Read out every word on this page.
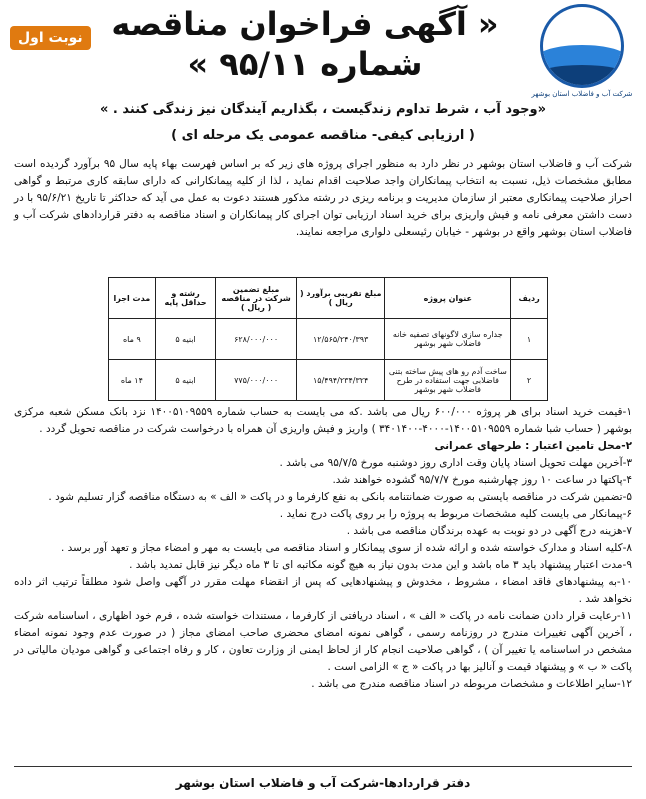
شرکت آب و فاضلاب استان بوشهر
« آگهی فراخوان مناقصه
شماره ۹۵/۱۱ »
نوبت اول
«وجود آب ، شرط تداوم زندگیست ، بگذاریم آیندگان نیز زندگی کنند . »
( ارزیابی کیفی- مناقصه عمومی یک مرحله ای )
شرکت آب و فاضلاب استان بوشهر در نظر دارد به منظور اجرای پروژه های زیر که بر اساس فهرست بهاء پایه سال ۹۵ برآورد گردیده است مطابق مشخصات ذیل، نسبت به انتخاب پیمانکاران واجد صلاحیت اقدام نماید ، لذا از کلیه پیمانکارانی که دارای سابقه کاری مرتبط و گواهی احراز صلاحیت پیمانکاری معتبر از سازمان مدیریت و برنامه ریزی در رشته مذکور هستند دعوت به عمل می آید که حداکثر تا تاریخ ۹۵/۶/۲۱ با در دست داشتن معرفی نامه و فیش واریزی برای خرید اسناد ارزیابی توان اجرای کار پیمانکاران و اسناد مناقصه به دفتر قراردادهای شرکت آب و فاضلاب استان بوشهر واقع در بوشهر - خیابان رئیسعلی دلواری مراجعه نمایند.
ردیف	عنوان پروژه	مبلغ تقریبی برآورد ( ریال )	مبلغ تضمین شرکت در مناقصه ( ریال )	رشته و حداقل پایه	مدت اجرا
۱	جداره سازی لاگونهای تصفیه خانه فاضلاب شهر بوشهر	۱۲/۵۶۵/۲۴۰/۳۹۳	۶۲۸/۰۰۰/۰۰۰	ابنیه ۵	۹ ماه
۲	ساخت آدم رو های پیش ساخته بتنی فاضلابی جهت استفاده در طرح فاضلاب شهر بوشهر	۱۵/۴۹۴/۲۳۴/۳۲۴	۷۷۵/۰۰۰/۰۰۰	ابنیه ۵	۱۴ ماه
۱-قیمت خرید اسناد برای هر پروژه ۶۰۰/۰۰۰ ریال می باشد .که می بایست به حساب شماره ۱۴۰۰۵۱۰۹۵۵۹ نزد بانک مسکن شعبه مرکزی بوشهر ( حساب شبا شماره ۱۴۰۰۵۱۰۹۵۵۹-۴۰۰۰-۳۴۰۱۴۰۰ ) واریز و فیش واریزی آن همراه با درخواست شرکت در مناقصه تحویل گردد .
۲-محل تامین اعتبار : طرحهای عمرانی
۳-آخرین مهلت تحویل اسناد پایان وقت اداری روز دوشنبه مورخ ۹۵/۷/۵ می باشد .
۴-پاکتها در ساعت ۱۰ روز چهارشنبه مورخ ۹۵/۷/۷ گشوده خواهند شد.
۵-تضمین شرکت در مناقصه بایستی به صورت ضمانتنامه بانکی به نفع کارفرما و در پاکت « الف » به دستگاه مناقصه گزار تسلیم شود .
۶-پیمانکار می بایست کلیه مشخصات مربوط به پروژه را بر روی پاکت درج نماید .
۷-هزینه درج آگهی در دو نوبت به عهده برندگان مناقصه می باشد .
۸-کلیه اسناد و مدارک خواسته شده و ارائه شده از سوی پیمانکار و اسناد مناقصه می بایست به مهر و امضاء مجاز و تعهد آور برسد .
۹-مدت اعتبار پیشنهاد باید ۳ ماه باشد و این مدت بدون نیاز به هیچ گونه مکاتبه ای تا ۳ ماه دیگر نیز قابل تمدید باشد .
۱۰-به پیشنهادهای فاقد امضاء ، مشروط ، مخدوش و پیشنهادهایی که پس از انقضاء مهلت مقرر در آگهی واصل شود مطلقاً ترتیب اثر داده نخواهد شد .
۱۱-رعایت قرار دادن ضمانت نامه در پاکت « الف » ، اسناد دریافتی از کارفرما ، مستندات خواسته شده ، فرم خود اظهاری ، اساسنامه شرکت ، آخرین آگهی تغییرات مندرج در روزنامه رسمی ، گواهی نمونه امضای محضری صاحب امضای مجاز ( در صورت عدم وجود نمونه امضاء مشخص در اساسنامه یا تغییر آن ) ، گواهی صلاحیت انجام کار از لحاظ ایمنی از وزارت تعاون ، کار و رفاه اجتماعی و گواهی مودیان مالیاتی در پاکت « ب » و پیشنهاد قیمت و آنالیز بها در پاکت « ج » الزامی است .
۱۲-سایر اطلاعات و مشخصات مربوطه در اسناد مناقصه مندرج می باشد .
دفتر قراردادها-شرکت آب و فاضلاب استان بوشهر
